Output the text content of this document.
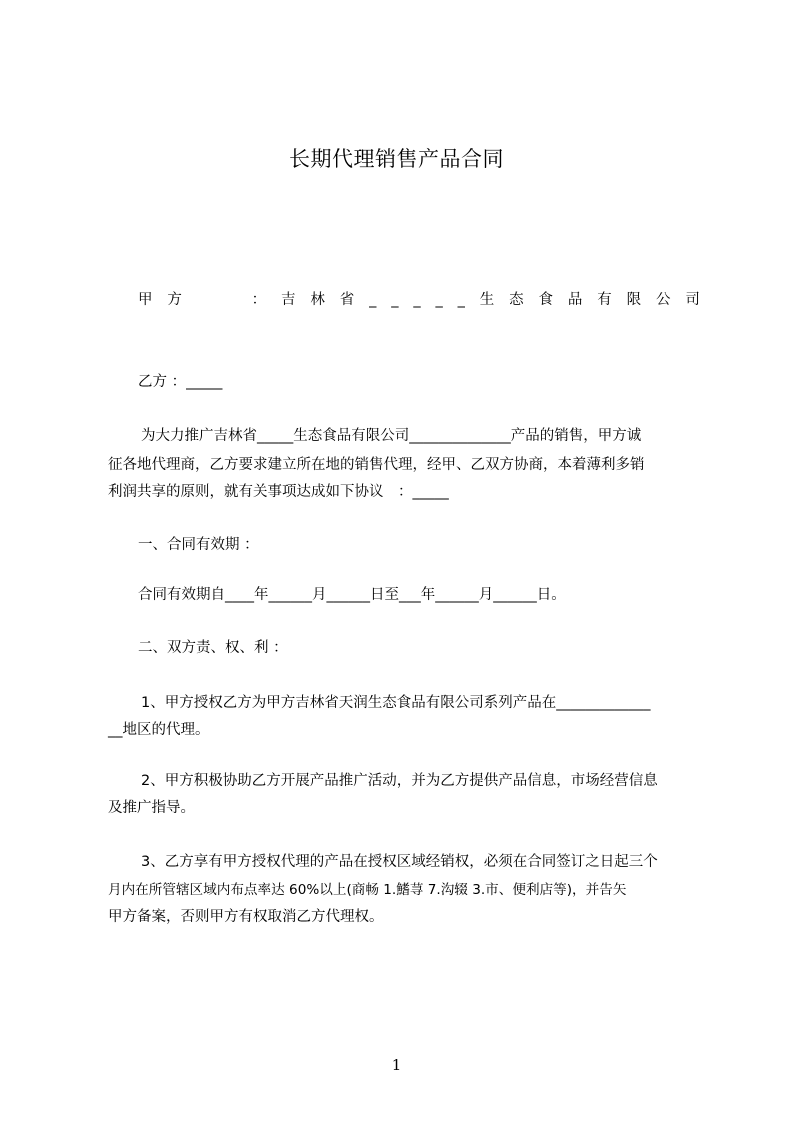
长期代理销售产品合同
甲 方	： 吉 林 省 _ _ _ _ _ 生 态 食 品 有 限 公 司
乙方 ：_____
为大力推广吉林省_____生态食品有限公司______________产品的销售，甲方诚
征各地代理商，乙方要求建立所在地的销售代理，经甲、乙双方协商，本着薄利多销
利润共享的原则，就有关事项达成如下协议　：_____
一、合同有效期 ：
合同有效期自____年______月______日至___年______月______日。
二、双方责、权、利 ：
1、甲方授权乙方为甲方吉林省天润生态食品有限公司系列产品在_____________
__地区的代理。
2、甲方积极协助乙方开展产品推广活动，并为乙方提供产品信息，市场经营信息
及推广指导。
3、乙方享有甲方授权代理的产品在授权区域经销权，必须在合同签订之日起三个
月内在所管辖区域内布点率达 60%以上(商畅 1.鰭荨 7.沟辍 3.市、便利店等)，并告矢
甲方备案，否则甲方有权取消乙方代理权。
1
